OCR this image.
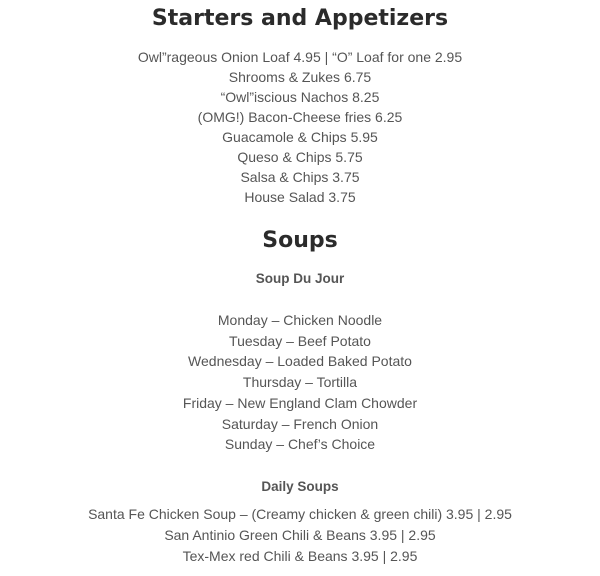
Starters and Appetizers
Owl”rageous Onion Loaf 4.95 | “O” Loaf for one 2.95
Shrooms & Zukes 6.75
“Owl”iscious Nachos 8.25
(OMG!) Bacon-Cheese fries 6.25
Guacamole & Chips 5.95
Queso & Chips 5.75
Salsa & Chips 3.75
House Salad 3.75
Soups
Soup Du Jour
Monday – Chicken Noodle
Tuesday – Beef Potato
Wednesday – Loaded Baked Potato
Thursday – Tortilla
Friday – New England Clam Chowder
Saturday – French Onion
Sunday – Chef’s Choice
Daily Soups
Santa Fe Chicken Soup – (Creamy chicken & green chili) 3.95 | 2.95
San Antinio Green Chili & Beans 3.95 | 2.95
Tex-Mex red Chili & Beans 3.95 | 2.95
